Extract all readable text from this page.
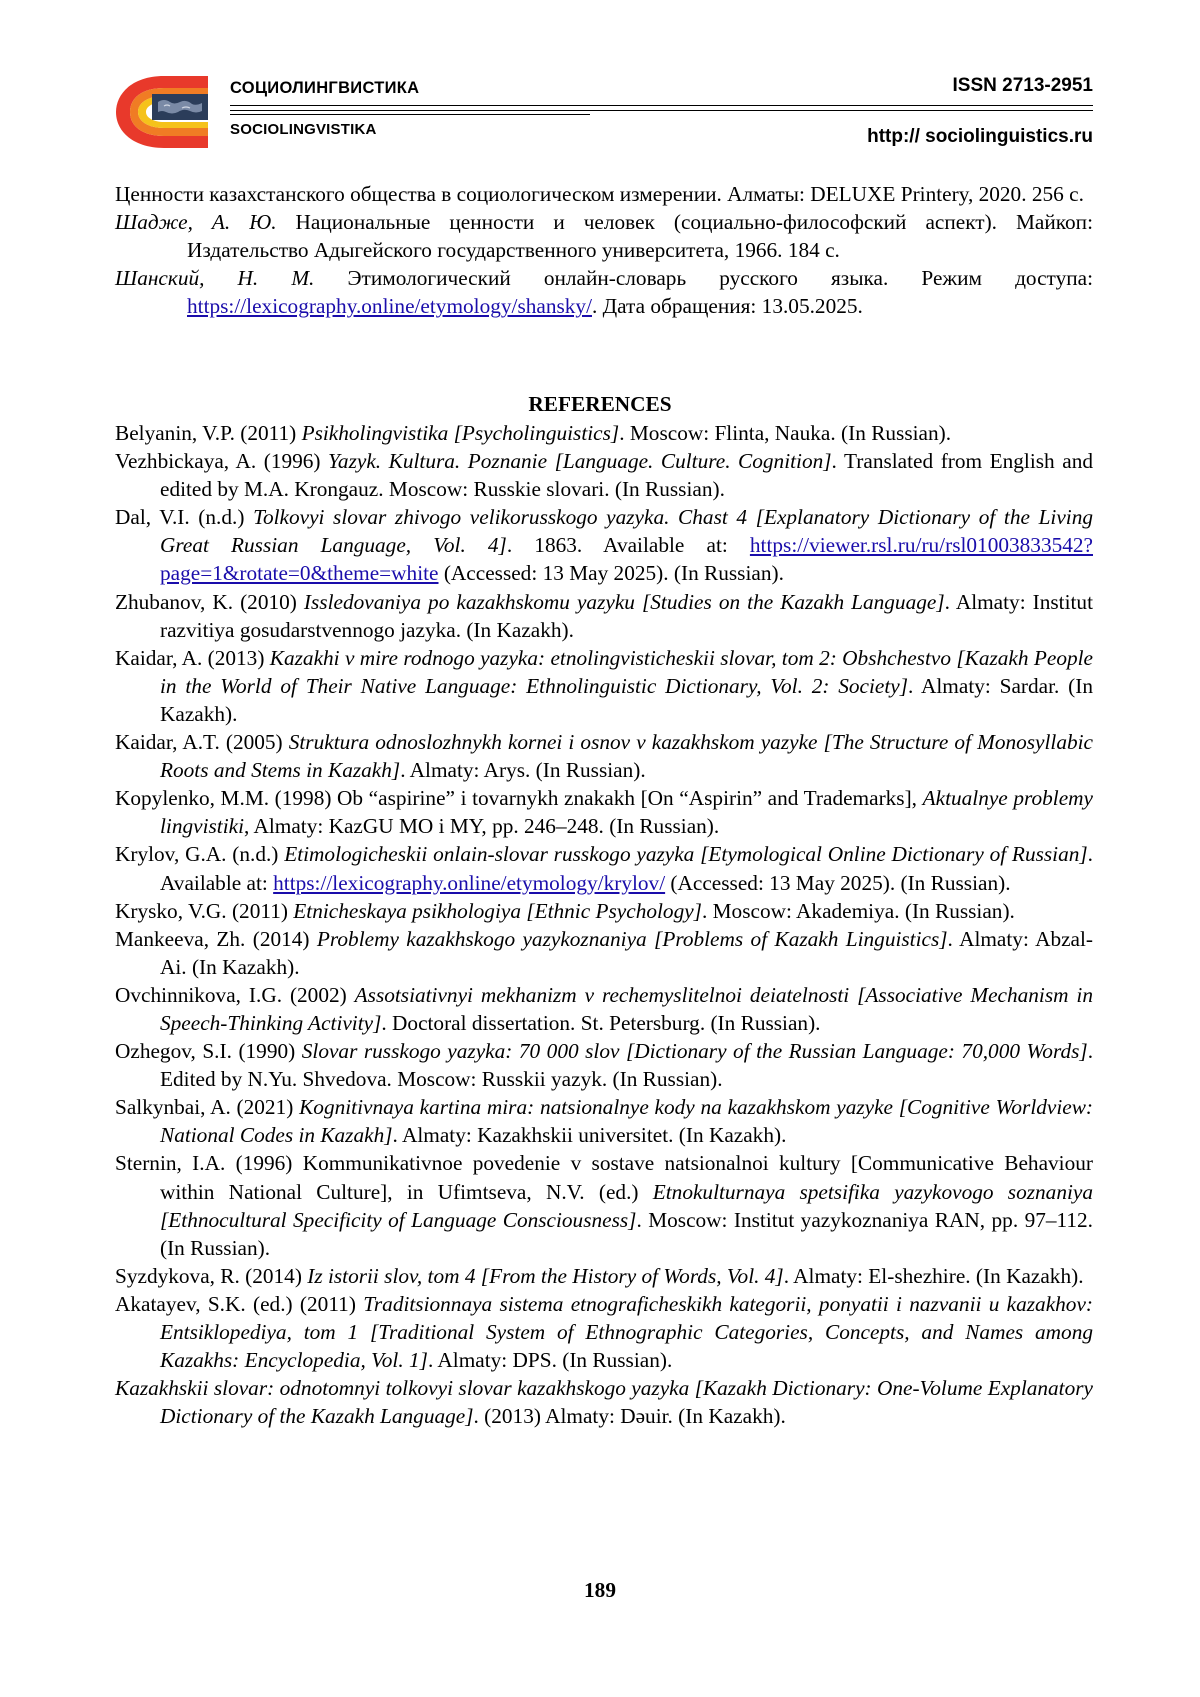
СОЦИОЛИНГВИСТИКА
SOCIOLINGVISTIKA
ISSN 2713-2951
http:// sociolinguistics.ru

Ценности казахстанского общества в социологическом измерении. Алматы: DELUXE Printery, 2020. 256 с.

Шадже, А. Ю. Национальные ценности и человек (социально-философский аспект). Майкоп: Издательство Адыгейского государственного университета, 1966. 184 с.

Шанский, Н. М. Этимологический онлайн-словарь русского языка. Режим доступа: https://lexicography.online/etymology/shansky/. Дата обращения: 13.05.2025.

REFERENCES

Belyanin, V.P. (2011) Psikholingvistika [Psycholinguistics]. Moscow: Flinta, Nauka. (In Russian).

Vezhbickaya, A. (1996) Yazyk. Kultura. Poznanie [Language. Culture. Cognition]. Translated from English and edited by M.A. Krongauz. Moscow: Russkie slovari. (In Russian).

Dal, V.I. (n.d.) Tolkovyi slovar zhivogo velikorusskogo yazyka. Chast 4 [Explanatory Dictionary of the Living Great Russian Language, Vol. 4]. 1863. Available at: https://viewer.rsl.ru/ru/rsl01003833542?page=1&rotate=0&theme=white (Accessed: 13 May 2025). (In Russian).

Zhubanov, K. (2010) Issledovaniya po kazakhskomu yazyku [Studies on the Kazakh Language]. Almaty: Institut razvitiya gosudarstvennogo jazyka. (In Kazakh).

Kaidar, A. (2013) Kazakhi v mire rodnogo yazyka: etnolingvisticheskii slovar, tom 2: Obshchestvo [Kazakh People in the World of Their Native Language: Ethnolinguistic Dictionary, Vol. 2: Society]. Almaty: Sardar. (In Kazakh).

Kaidar, A.T. (2005) Struktura odnoslozhnykh kornei i osnov v kazakhskom yazyke [The Structure of Monosyllabic Roots and Stems in Kazakh]. Almaty: Arys. (In Russian).

Kopylenko, M.M. (1998) Ob “aspirine” i tovarnykh znakakh [On “Aspirin” and Trademarks], Aktualnye problemy lingvistiki, Almaty: KazGU MO i MY, pp. 246–248. (In Russian).

Krylov, G.A. (n.d.) Etimologicheskii onlain-slovar russkogo yazyka [Etymological Online Dictionary of Russian]. Available at: https://lexicography.online/etymology/krylov/ (Accessed: 13 May 2025). (In Russian).

Krysko, V.G. (2011) Etnicheskaya psikhologiya [Ethnic Psychology]. Moscow: Akademiya. (In Russian).

Mankeeva, Zh. (2014) Problemy kazakhskogo yazykoznaniya [Problems of Kazakh Linguistics]. Almaty: Abzal-Ai. (In Kazakh).

Ovchinnikova, I.G. (2002) Assotsiativnyi mekhanizm v rechemyslitelnoi deiatelnosti [Associative Mechanism in Speech-Thinking Activity]. Doctoral dissertation. St. Petersburg. (In Russian).

Ozhegov, S.I. (1990) Slovar russkogo yazyka: 70 000 slov [Dictionary of the Russian Language: 70,000 Words]. Edited by N.Yu. Shvedova. Moscow: Russkii yazyk. (In Russian).

Salkynbai, A. (2021) Kognitivnaya kartina mira: natsionalnye kody na kazakhskom yazyke [Cognitive Worldview: National Codes in Kazakh]. Almaty: Kazakhskii universitet. (In Kazakh).

Sternin, I.A. (1996) Kommunikativnoe povedenie v sostave natsionalnoi kultury [Communicative Behaviour within National Culture], in Ufimtseva, N.V. (ed.) Etnokulturnaya spetsifika yazykovogo soznaniya [Ethnocultural Specificity of Language Consciousness]. Moscow: Institut yazykoznaniya RAN, pp. 97–112. (In Russian).

Syzdykova, R. (2014) Iz istorii slov, tom 4 [From the History of Words, Vol. 4]. Almaty: El-shezhire. (In Kazakh).

Akatayev, S.K. (ed.) (2011) Traditsionnaya sistema etnograficheskikh kategorii, ponyatii i nazvanii u kazakhov: Entsiklopediya, tom 1 [Traditional System of Ethnographic Categories, Concepts, and Names among Kazakhs: Encyclopedia, Vol. 1]. Almaty: DPS. (In Russian).

Kazakhskii slovar: odnotomnyi tolkovyi slovar kazakhskogo yazyka [Kazakh Dictionary: One-Volume Explanatory Dictionary of the Kazakh Language]. (2013) Almaty: Dəuir. (In Kazakh).

189
